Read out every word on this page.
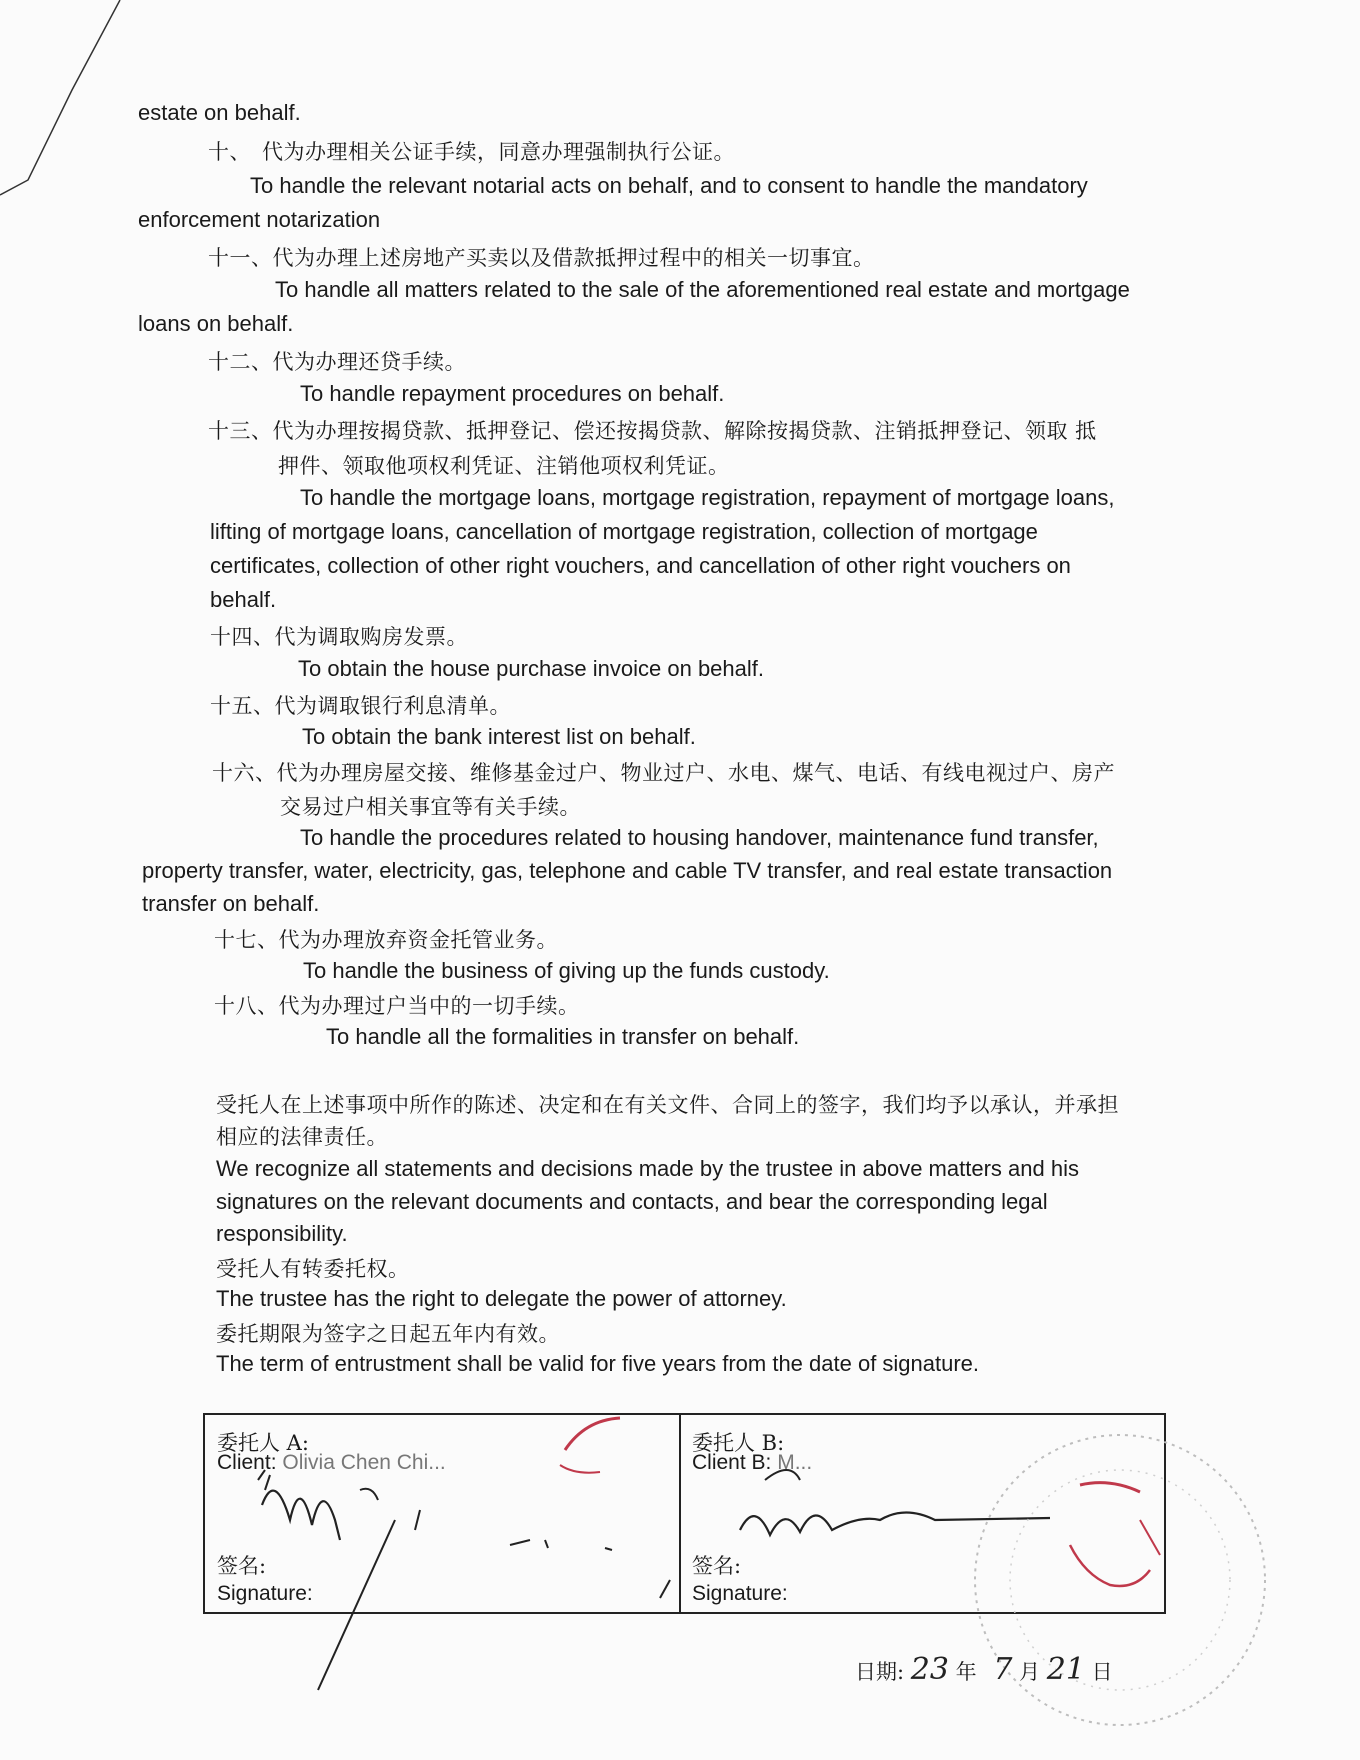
estate on behalf.
十、　代为办理相关公证手续，同意办理强制执行公证。
To handle the relevant notarial acts on behalf, and to consent to handle the mandatory
enforcement notarization
十一、代为办理上述房地产买卖以及借款抵押过程中的相关一切事宜。
To handle all matters related to the sale of the aforementioned real estate and mortgage
loans on behalf.
十二、代为办理还贷手续。
To handle repayment procedures on behalf.
十三、代为办理按揭贷款、抵押登记、偿还按揭贷款、解除按揭贷款、注销抵押登记、领取 抵
押件、领取他项权利凭证、注销他项权利凭证。
To handle the mortgage loans, mortgage registration, repayment of mortgage loans,
lifting of mortgage loans, cancellation of mortgage registration, collection of mortgage
certificates, collection of other right vouchers, and cancellation of other right vouchers on
behalf.
十四、代为调取购房发票。
To obtain the house purchase invoice on behalf.
十五、代为调取银行利息清单。
To obtain the bank interest list on behalf.
十六、代为办理房屋交接、维修基金过户、物业过户、水电、煤气、电话、有线电视过户、房产
交易过户相关事宜等有关手续。
To handle the procedures related to housing handover, maintenance fund transfer,
property transfer, water, electricity, gas, telephone and cable TV transfer, and real estate transaction
transfer on behalf.
十七、代为办理放弃资金托管业务。
To handle the business of giving up the funds custody.
十八、代为办理过户当中的一切手续。
To handle all the formalities in transfer on behalf.
受托人在上述事项中所作的陈述、决定和在有关文件、合同上的签字，我们均予以承认，并承担
相应的法律责任。
We recognize all statements and decisions made by the trustee in above matters and his
signatures on the relevant documents and contacts, and bear the corresponding legal
responsibility.
受托人有转委托权。
The trustee has the right to delegate the power of attorney.
委托期限为签字之日起五年内有效。
The term of entrustment shall be valid for five years from the date of signature.
委托人 A:
Client: Olivia Chen Chi...
签名:
Signature:
委托人 B:
Client B: M...
签名:
Signature:
日期: 23 年 7 月 21 日
